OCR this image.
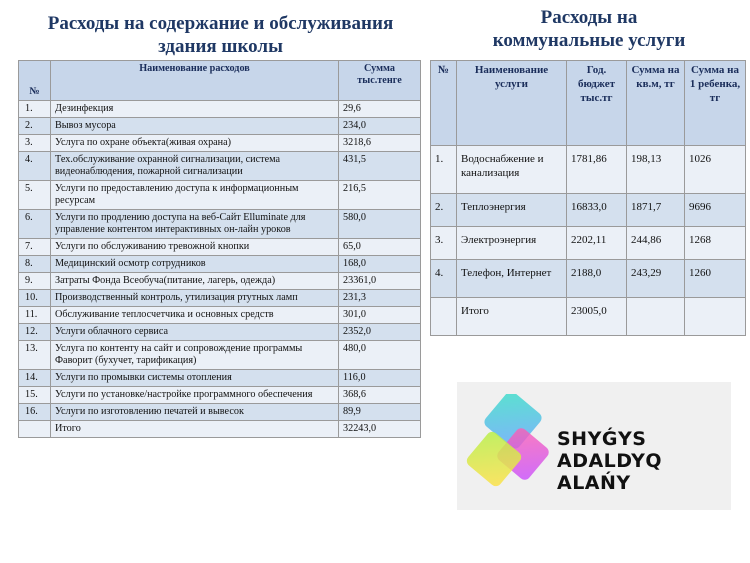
Расходы на содержание и обслуживания
здания школы
Расходы на
коммунальные услуги
№	Наименование расходов	Сумма тыс.тенге
1.	Дезинфекция	29,6
2.	Вывоз мусора	234,0
3.	Услуга по охране объекта(живая охрана)	3218,6
4.	Тех.обслуживание охранной сигнализации, система видеонаблюдения, пожарной сигнализации	431,5
5.	Услуги по предоставлению доступа к информационным ресурсам	216,5
6.	Услуги по продлению доступа на веб-Сайт Elluminate для управление контентом интерактивных он-лайн уроков	580,0
7.	Услуги по обслуживанию тревожной кнопки	65,0
8.	Медицинский осмотр сотрудников	168,0
9.	Затраты Фонда Всеобуча(питание, лагерь, одежда)	23361,0
10.	Производственный контроль, утилизация ртутных ламп	231,3
11.	Обслуживание теплосчетчика и основных средств	301,0
12.	Услуги облачного сервиса	2352,0
13.	Услуга по контенту на сайт и сопровождение программы Фаворит (бухучет, тарификация)	480,0
14.	Услуги по промывки системы отопления	116,0
15.	Услуги по установке/настройке программного обеспечения	368,6
16.	Услуги по изготовлению печатей и вывесок	89,9
	Итого	32243,0
№	Наименование услуги	Год. бюджет тыс.тг	Сумма на кв.м, тг	Сумма на 1 ребенка, тг
1.	Водоснабжение и канализация	1781,86	198,13	1026
2.	Теплоэнергия	16833,0	1871,7	9696
3.	Электроэнергия	2202,11	244,86	1268
4.	Телефон, Интернет	2188,0	243,29	1260
	Итого	23005,0		
SHYǴYS
ADALDYQ ALAŃY
